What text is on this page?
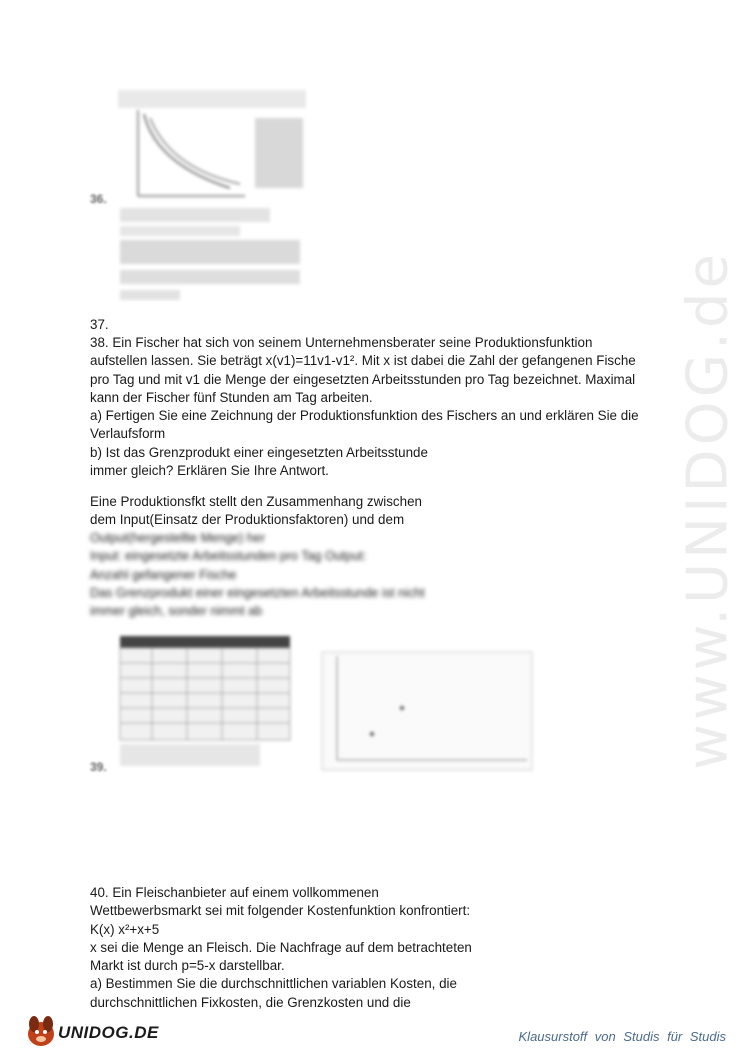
www.UNIDOG.de
36.
37.
38. Ein Fischer hat sich von seinem Unternehmensberater seine Produktionsfunktion
aufstellen lassen. Sie beträgt x(v1)=11v1-v1². Mit x ist dabei die Zahl der gefangenen Fische
pro Tag und mit v1 die Menge der eingesetzten Arbeitsstunden pro Tag bezeichnet. Maximal
kann der Fischer fünf Stunden am Tag arbeiten.
a) Fertigen Sie eine Zeichnung der Produktionsfunktion des Fischers an und erklären Sie die
Verlaufsform
b) Ist das Grenzprodukt einer eingesetzten Arbeitsstunde
immer gleich? Erklären Sie Ihre Antwort.
Eine Produktionsfkt stellt den Zusammenhang zwischen
dem Input(Einsatz der Produktionsfaktoren) und dem
Output(hergestellte Menge) her
Input: eingesetzte Arbeitsstunden pro Tag Output:
Anzahl gefangener Fische
Das Grenzprodukt einer eingesetzten Arbeitsstunde ist nicht
immer gleich, sonder nimmt ab
39.
40. Ein Fleischanbieter auf einem vollkommenen
Wettbewerbsmarkt sei mit folgender Kostenfunktion konfrontiert:
K(x) x²+x+5
x sei die Menge an Fleisch. Die Nachfrage auf dem betrachteten
Markt ist durch p=5-x darstellbar.
a) Bestimmen Sie die durchschnittlichen variablen Kosten, die
durchschnittlichen Fixkosten, die Grenzkosten und die
UNIDOG.DE	Klausurstoff von Studis für Studis
